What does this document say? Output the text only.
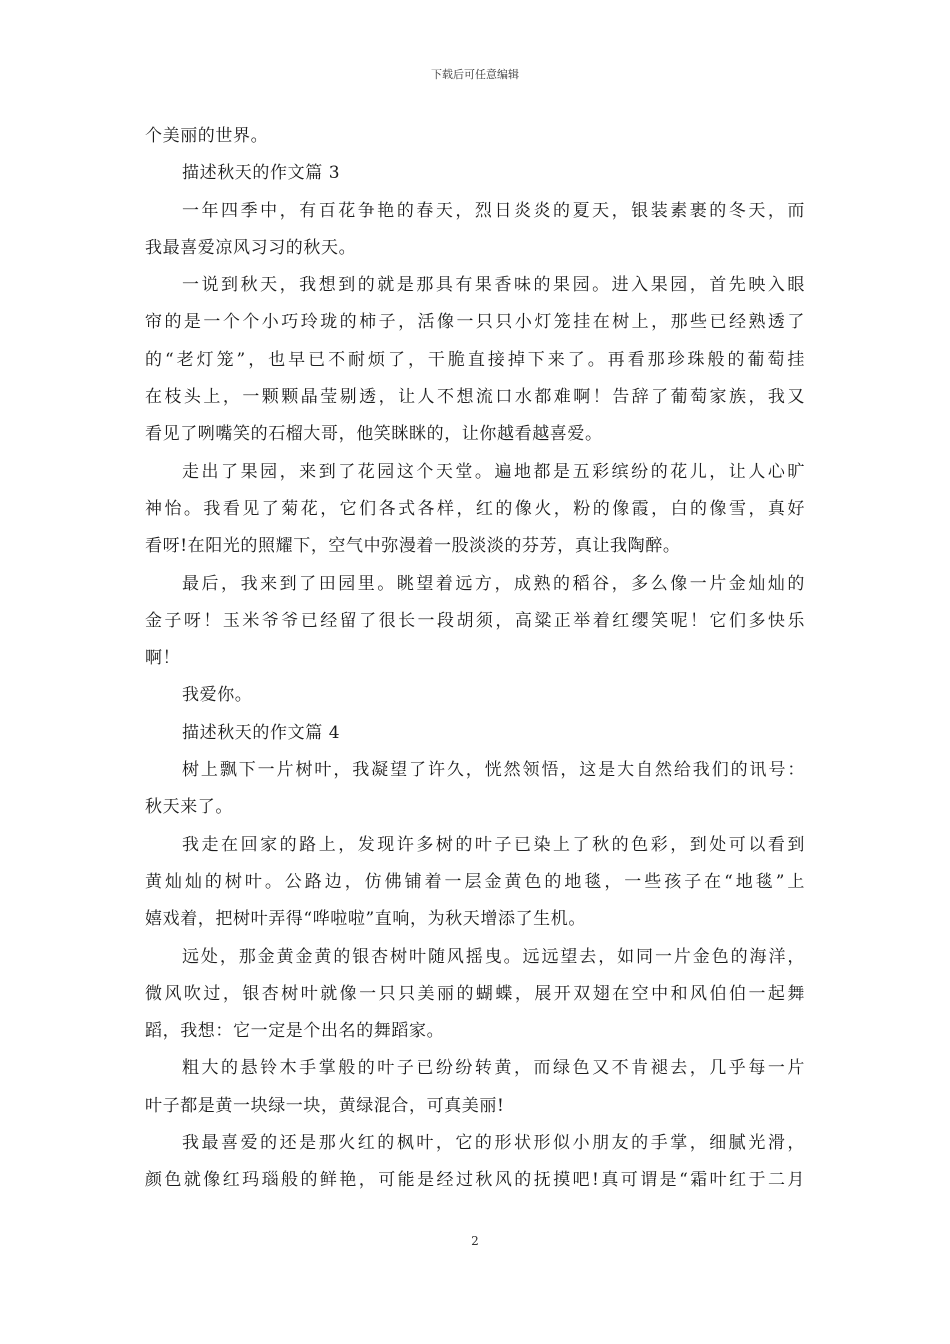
下载后可任意编辑
个美丽的世界。
描述秋天的作文篇 3
一年四季中，有百花争艳的春天，烈日炎炎的夏天，银装素裹的冬天，而
我最喜爱凉风习习的秋天。
一说到秋天，我想到的就是那具有果香味的果园。进入果园，首先映入眼
帘的是一个个小巧玲珑的柿子，活像一只只小灯笼挂在树上，那些已经熟透了
的“老灯笼”，也早已不耐烦了，干脆直接掉下来了。再看那珍珠般的葡萄挂
在枝头上，一颗颗晶莹剔透，让人不想流口水都难啊！告辞了葡萄家族，我又
看见了咧嘴笑的石榴大哥，他笑眯眯的，让你越看越喜爱。
走出了果园，来到了花园这个天堂。遍地都是五彩缤纷的花儿，让人心旷
神怡。我看见了菊花，它们各式各样，红的像火，粉的像霞，白的像雪，真好
看呀!在阳光的照耀下，空气中弥漫着一股淡淡的芬芳，真让我陶醉。
最后，我来到了田园里。眺望着远方，成熟的稻谷，多么像一片金灿灿的
金子呀！玉米爷爷已经留了很长一段胡须，高粱正举着红缨笑呢！它们多快乐
啊！
我爱你。
描述秋天的作文篇 4
树上飘下一片树叶，我凝望了许久，恍然领悟，这是大自然给我们的讯号：
秋天来了。
我走在回家的路上，发现许多树的叶子已染上了秋的色彩，到处可以看到
黄灿灿的树叶。公路边，仿佛铺着一层金黄色的地毯，一些孩子在“地毯”上
嬉戏着，把树叶弄得“哗啦啦”直响，为秋天增添了生机。
远处，那金黄金黄的银杏树叶随风摇曳。远远望去，如同一片金色的海洋，
微风吹过，银杏树叶就像一只只美丽的蝴蝶，展开双翅在空中和风伯伯一起舞
蹈，我想：它一定是个出名的舞蹈家。
粗大的悬铃木手掌般的叶子已纷纷转黄，而绿色又不肯褪去，几乎每一片
叶子都是黄一块绿一块，黄绿混合，可真美丽!
我最喜爱的还是那火红的枫叶，它的形状形似小朋友的手掌，细腻光滑，
颜色就像红玛瑙般的鲜艳，可能是经过秋风的抚摸吧!真可谓是“霜叶红于二月
2
